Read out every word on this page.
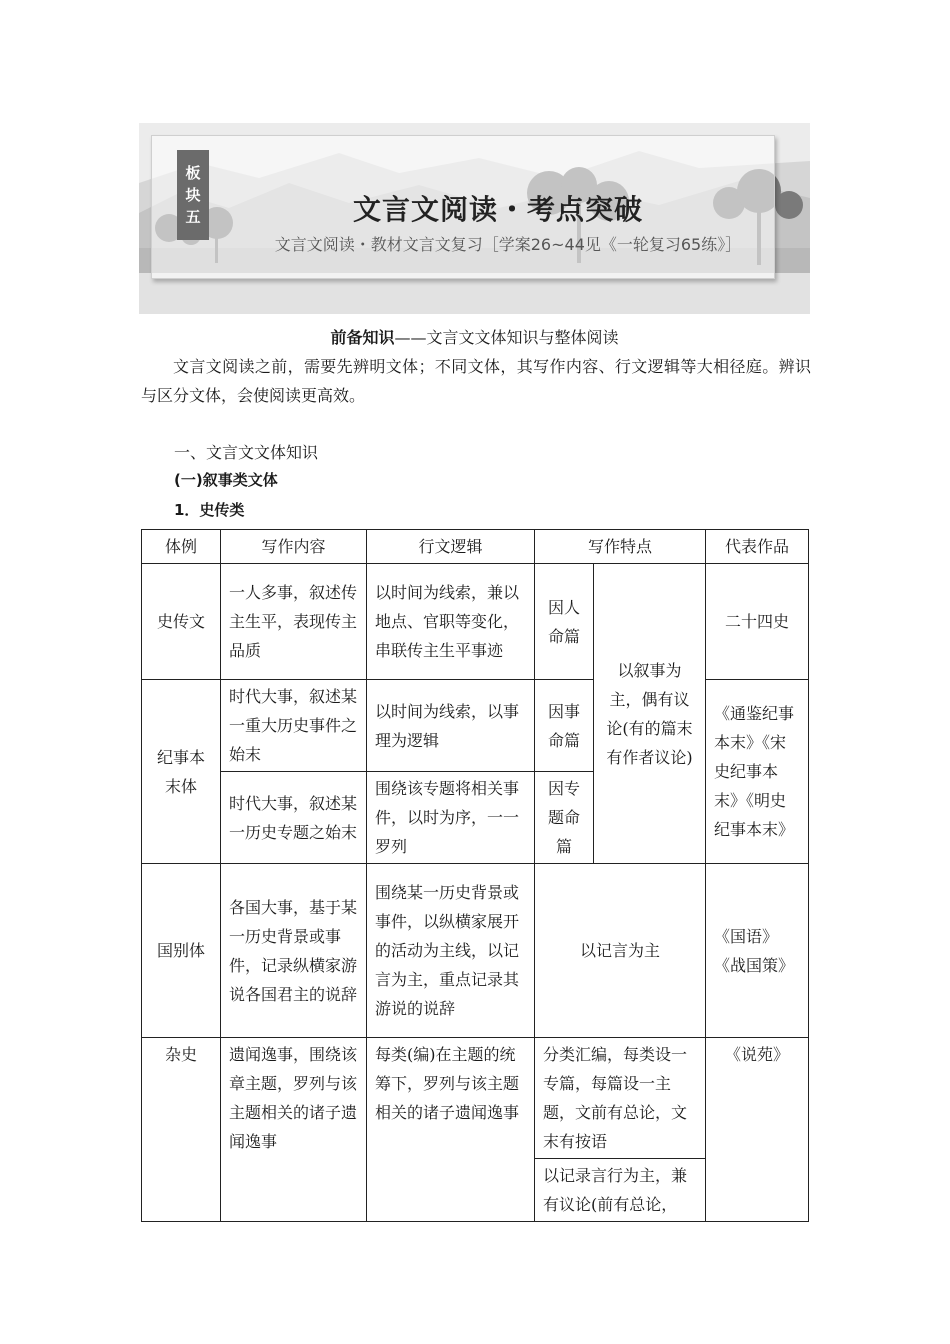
板
块
五	文言文阅读・考点突破
文言文阅读・教材文言文复习［学案26~44见《一轮复习65练》］
前备知识——文言文文体知识与整体阅读
文言文阅读之前，需要先辨明文体；不同文体，其写作内容、行文逻辑等大相径庭。辨识与区分文体，会使阅读更高效。
一、文言文文体知识
(一)叙事类文体
1．史传类
体例	写作内容	行文逻辑	写作特点		代表作品
史传文	一人多事，叙述传主生平，表现传主品质	以时间为线索，兼以地点、官职等变化，串联传主生平事迹	因人命篇	以叙事为主，偶有议论(有的篇末有作者议论)	二十四史
纪事本末体	时代大事，叙述某一重大历史事件之始末	以时间为线索，以事理为逻辑	因事命篇		《通鉴纪事本末》《宋史纪事本末》《明史纪事本末》
	时代大事，叙述某一历史专题之始末	围绕该专题将相关事件，以时为序，一一罗列	因专题命篇		
国别体	各国大事，基于某一历史背景或事件，记录纵横家游说各国君主的说辞	围绕某一历史背景或事件，以纵横家展开的活动为主线，以记言为主，重点记录其游说的说辞	以记言为主		《国语》《战国策》
杂史	遗闻逸事，围绕该章主题，罗列与该主题相关的诸子遗闻逸事	每类(编)在主题的统筹下，罗列与该主题相关的诸子遗闻逸事	分类汇编，每类设一专篇，每篇设一主题，文前有总论，文末有按语		《说苑》
			以记录言行为主，兼有议论(前有总论，		
